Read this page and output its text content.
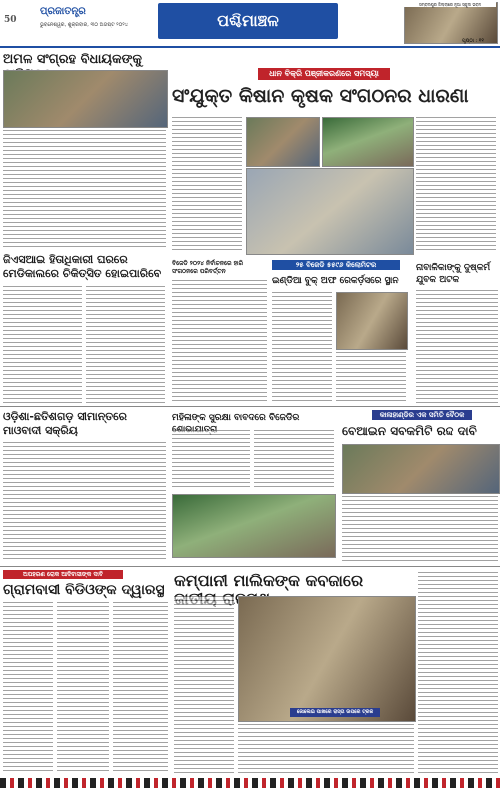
50
ପ୍ରଜାତନ୍ତ୍ର
ଭୁବନେଶ୍ୱର, ଶୁକ୍ରବାର, ୩୦ ଅଗଷ୍ଟ ୨୦୨୪	ପଶ୍ଚିମାଞ୍ଚଳ
ସମ୍ବଲପୁର ଜିଲ୍ଲାରେ ନୂଆ ସ୍କୁଲ ଭବନ
ପୃଷ୍ଠା : ୧୧
ଅମଳ ସଂଗ୍ରହ ବିଧାୟକଙ୍କୁ
ଧାନ ବିକ୍ରି ପଞ୍ଜୀକରଣରେ ସମସ୍ୟା
ସଂଯୁକ୍ତ କିଷାନ କୃଷକ ସଂଗଠନର ଧାରଣା
ଜିଏସଆଇ ହିତାଧିକାରୀ ଘରରେ ମେଡିକାଲରେ ଚିକିତ୍ସିତ ହୋଇପାରିବେ
ବିଜେଡି ୨୦୨୪ ନିର୍ବାଚନରେ ହାରି ସଂଗଠନରେ ପରିବର୍ତ୍ତନ
୨୫ ବିଜେଡି ୫୫୯୬ କିଲୋମିଟର
ଇଣ୍ଡିଆ ବୁକ୍ ଅଫ ରେକର୍ଡ଼ସରେ ସ୍ଥାନ
ନାବାଳିକାଙ୍କୁ ଦୁଷ୍କର୍ମ ଯୁବକ ଅଟକ
ଓଡ଼ିଶା-ଛତିଶଗଡ଼ ସୀମାନ୍ତରେ ମାଓବାଦୀ ସକ୍ରିୟ
ମହିଳାଙ୍କ ସୁରକ୍ଷା ବାବଦରେ ବିଜେଡିର	କାଳାହାଣ୍ଡିର ଏକ ସମିତି ବୈଠକ
ବେଆଇନ ସବକମିଟି ରଦ୍ଦ ଦାବି
ଅପହରଣ ରୋକ ଆଦିବାସୀଙ୍କ ଦାବି
ଗ୍ରାମବାସୀ ବିଡିଓଙ୍କ ଦ୍ୱାରସ୍ଥ କମ୍ପାନୀ ମାଲିକଙ୍କ କବଜାରେ
ଜୋଲେଇ ପାଖରେ ରାସ୍ତା ଉପରେ ଟ୍ରକ
